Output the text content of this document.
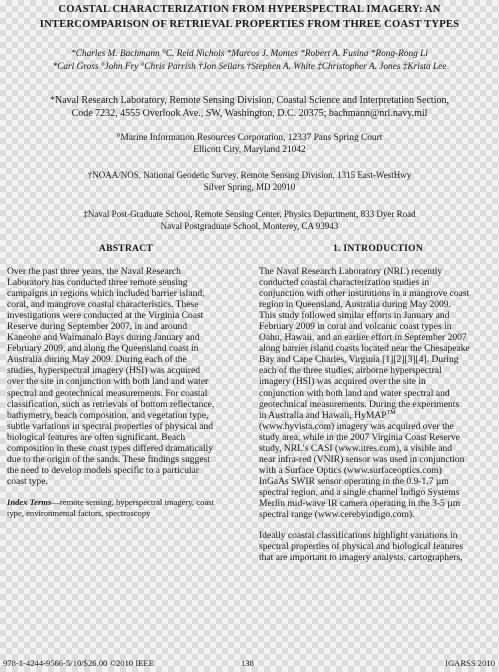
COASTAL CHARACTERIZATION FROM HYPERSPECTRAL IMAGERY: AN
INTERCOMPARISON OF RETRIEVAL PROPERTIES FROM THREE COAST TYPES
*Charles M. Bachmann °C. Reid Nichols *Marcos J. Montes *Robert A. Fusina *Rong-Rong Li
*Carl Gross °John Fry °Chris Parrish †Jon Sellars †Stephen A. White ‡Christopher A. Jones ‡Krista Lee
*Naval Research Laboratory, Remote Sensing Division, Coastal Science and Interpretation Section,
Code 7232, 4555 Overlook Ave., SW, Washington, D.C. 20375; bachmann@nrl.navy.mil
°Marine Information Resources Corporation, 12337 Pans Spring Court
Ellicott City, Maryland 21042
†NOAA/NOS, National Geodetic Survey, Remote Sensing Division, 1315 East-WestHwy
Silver Spring, MD 20910
‡Naval Post-Graduate School, Remote Sensing Center, Physics Department, 833 Dyer Road
Naval Postgraduate School, Monterey, CA 93943
ABSTRACT	1. INTRODUCTION

Over the past three years, the Naval Research

Laboratory has conducted three remote sensing

campaigns in regions which included barrier island,

coral, and mangrove coastal characteristics. These

investigations were conducted at the Virginia Coast

Reserve during September 2007, in and around

Kaneohe and Waimanalo Bays during January and

February 2009, and along the Queensland coast in

Australia during May 2009. During each of the

studies, hyperspectral imagery (HSI) was acquired

over the site in conjunction with both land and water

spectral and geotechnical measurements. For coastal

classification, such as retrievals of bottom reflectance,

bathymetry, beach composition, and vegetation type,

subtle variations in spectral properties of physical and

biological features are often significant. Beach

composition in these coast types differed dramatically

due to the origin of the sands. These findings suggest

the need to develop models specific to a particular

coast type.

Index Terms—remote sensing, hyperspectral imagery, coast

type, environmental factors, spectroscopy

The Naval Research Laboratory (NRL) recently

conducted coastal characterization studies in

conjunction with other institutions in a mangrove coast

region in Queensland, Australia during May 2009.

This study followed similar efforts in January and

February 2009 in coral and volcanic coast types in

Oahu, Hawaii, and an earlier effort in September 2007

along barrier island coasts located near the Chesapeake

Bay and Cape Charles, Virginia [1][2][3][4]. During

each of the three studies, airborne hyperspectral

imagery (HSI) was acquired over the site in

conjunction with both land and water spectral and

geotechnical measurements. During the experiments

in Australia and Hawaii, HyMAP™

(www.hyvista.com) imagery was acquired over the

study area, while in the 2007 Virginia Coast Reserve

study, NRL’s CASI (www.itres.com), a visible and

near infra-red (VNIR) sensor was used in conjunction

with a Surface Optics (www.surfaceoptics.com)

InGaAs SWIR sensor operating in the 0.9-1.7 µm

spectral region, and a single channel Indigo Systems

Merlin mid-wave IR camera operating in the 3-5 µm

spectral range (www.cerebyindigo.com).

Ideally coastal classifications highlight variations in

spectral properties of physical and biological features

that are important to imagery analysts, cartographers,

978-1-4244-9566-5/10/$26.00 ©2010 IEEE	138	IGARSS 2010
